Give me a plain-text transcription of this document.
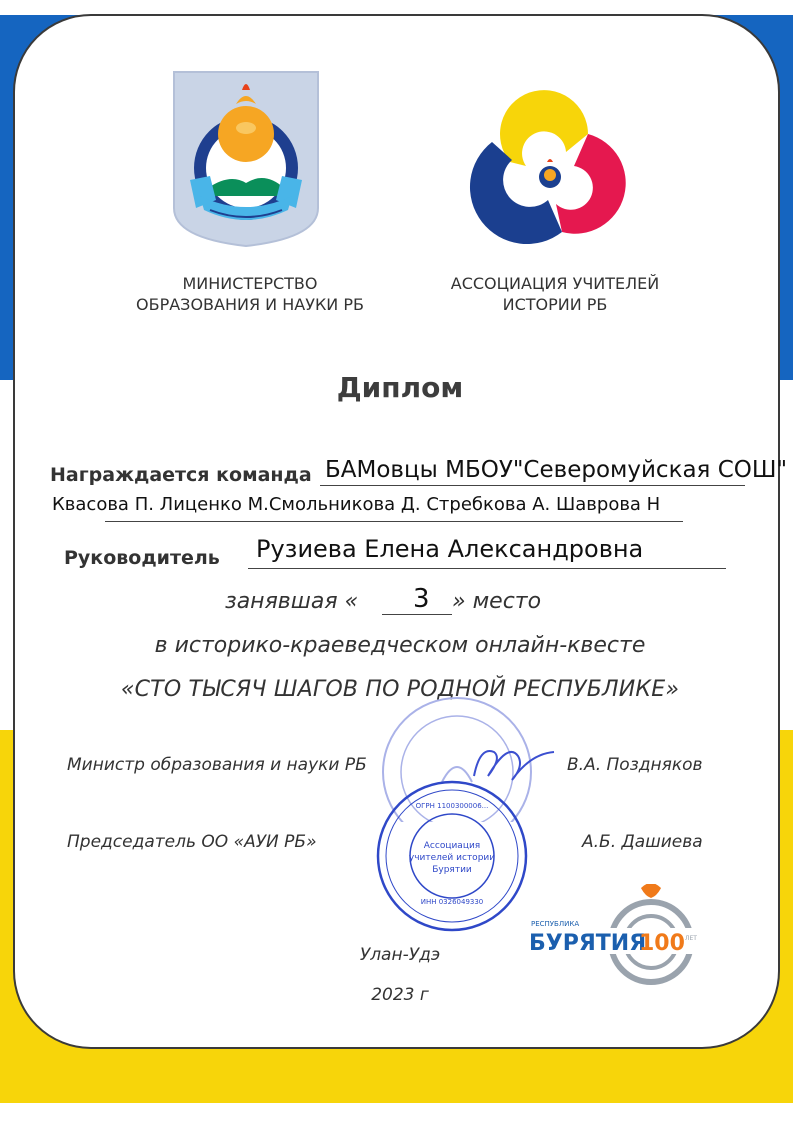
МИНИСТЕРСТВО
ОБРАЗОВАНИЯ И НАУКИ РБ
АССОЦИАЦИЯ УЧИТЕЛЕЙ
ИСТОРИИ РБ
Диплом
Награждается команда БАМовцы МБОУ"Северомуйская СОШ"
Квасова П. Лиценко М.Смольникова Д. Стребкова А. Шаврова Н
Руководитель Рузиева Елена Александровна
занявшая « 3 » место
в историко-краеведческом онлайн-квесте
«СТО ТЫСЯЧ ШАГОВ ПО РОДНОЙ РЕСПУБЛИКЕ»
Министр образования и науки РБ	В.А. Поздняков
Председатель ОО «АУИ РБ»	А.Б. Дашиева
Ассоциация
учителей истории
Бурятии
ОГРН 1100300006...
ИНН 0326049330
РЕСПУБЛИКА
БУРЯТИЯ
100 ЛЕТ
Улан-Удэ
2023 г
